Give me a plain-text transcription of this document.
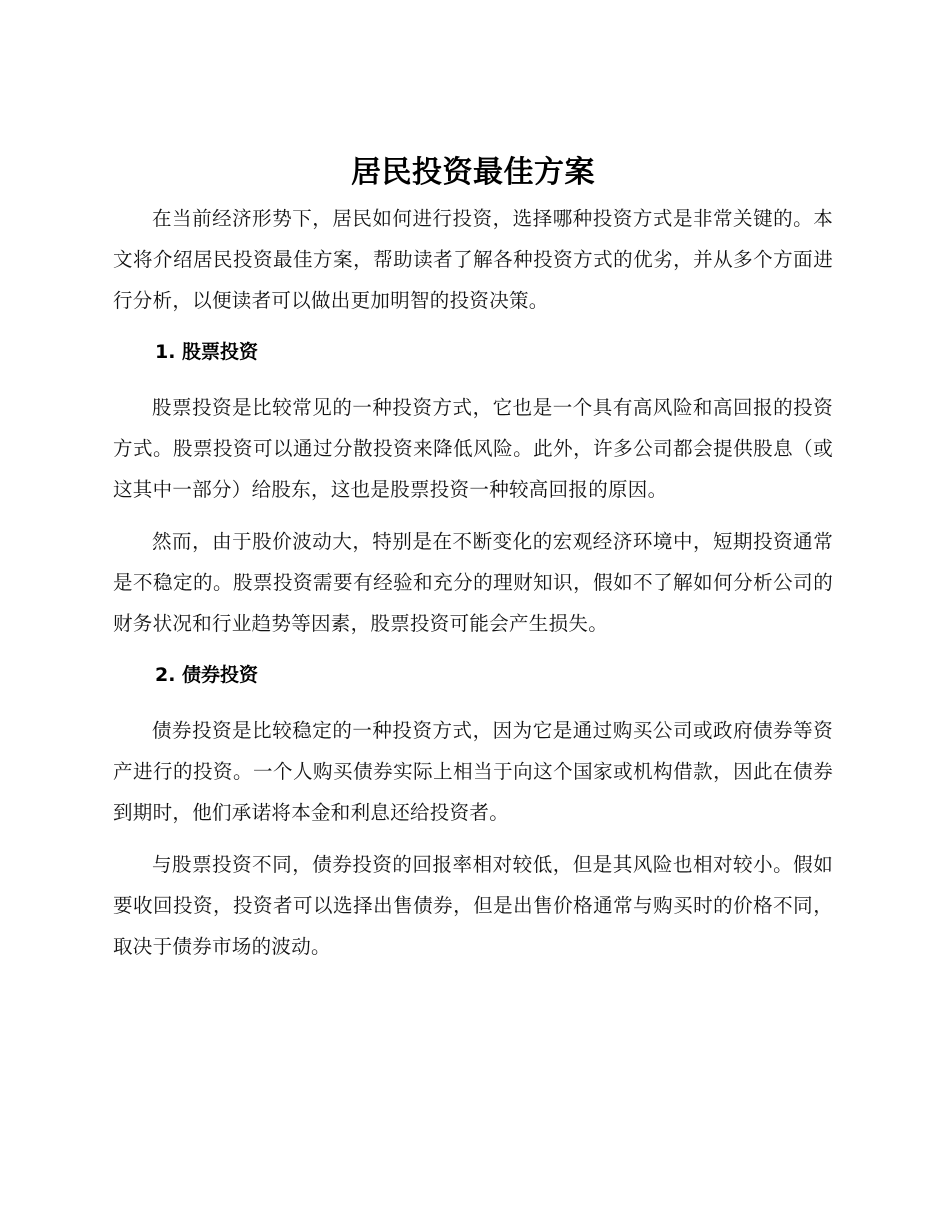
居民投资最佳方案

在当前经济形势下，居民如何进行投资，选择哪种投资方式是非常关键的。本文将介绍居民投资最佳方案，帮助读者了解各种投资方式的优劣，并从多个方面进行分析，以便读者可以做出更加明智的投资决策。

1. 股票投资

股票投资是比较常见的一种投资方式，它也是一个具有高风险和高回报的投资方式。股票投资可以通过分散投资来降低风险。此外，许多公司都会提供股息（或这其中一部分）给股东，这也是股票投资一种较高回报的原因。

然而，由于股价波动大，特别是在不断变化的宏观经济环境中，短期投资通常是不稳定的。股票投资需要有经验和充分的理财知识，假如不了解如何分析公司的财务状况和行业趋势等因素，股票投资可能会产生损失。

2. 债券投资

债券投资是比较稳定的一种投资方式，因为它是通过购买公司或政府债券等资产进行的投资。一个人购买债券实际上相当于向这个国家或机构借款，因此在债券到期时，他们承诺将本金和利息还给投资者。

与股票投资不同，债券投资的回报率相对较低，但是其风险也相对较小。假如要收回投资，投资者可以选择出售债券，但是出售价格通常与购买时的价格不同，取决于债券市场的波动。
